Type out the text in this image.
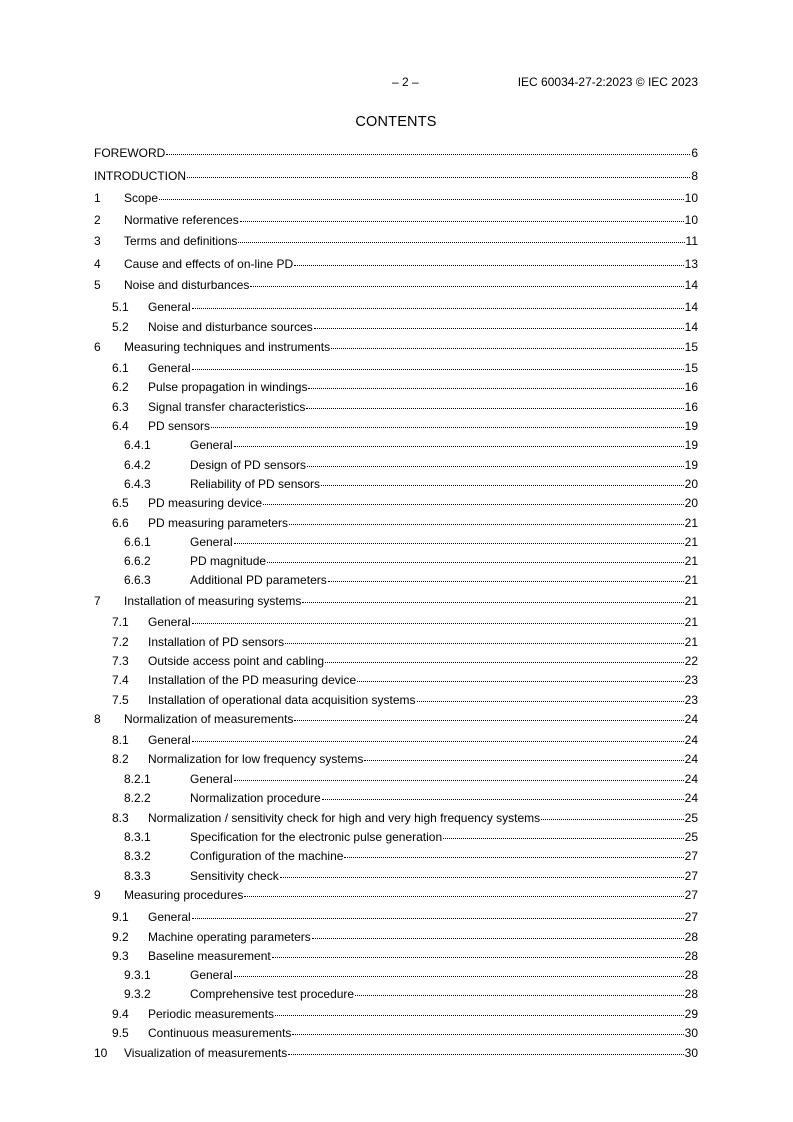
– 2 –	IEC 60034-27-2:2023 © IEC 2023
CONTENTS
FOREWORD	6
INTRODUCTION	8
1	Scope	10
2	Normative references	10
3	Terms and definitions	11
4	Cause and effects of on-line PD	13
5	Noise and disturbances	14
5.1	General	14
5.2	Noise and disturbance sources	14
6	Measuring techniques and instruments	15
6.1	General	15
6.2	Pulse propagation in windings	16
6.3	Signal transfer characteristics	16
6.4	PD sensors	19
6.4.1	General	19
6.4.2	Design of PD sensors	19
6.4.3	Reliability of PD sensors	20
6.5	PD measuring device	20
6.6	PD measuring parameters	21
6.6.1	General	21
6.6.2	PD magnitude	21
6.6.3	Additional PD parameters	21
7	Installation of measuring systems	21
7.1	General	21
7.2	Installation of PD sensors	21
7.3	Outside access point and cabling	22
7.4	Installation of the PD measuring device	23
7.5	Installation of operational data acquisition systems	23
8	Normalization of measurements	24
8.1	General	24
8.2	Normalization for low frequency systems	24
8.2.1	General	24
8.2.2	Normalization procedure	24
8.3	Normalization / sensitivity check for high and very high frequency systems	25
8.3.1	Specification for the electronic pulse generation	25
8.3.2	Configuration of the machine	27
8.3.3	Sensitivity check	27
9	Measuring procedures	27
9.1	General	27
9.2	Machine operating parameters	28
9.3	Baseline measurement	28
9.3.1	General	28
9.3.2	Comprehensive test procedure	28
9.4	Periodic measurements	29
9.5	Continuous measurements	30
10	Visualization of measurements	30
